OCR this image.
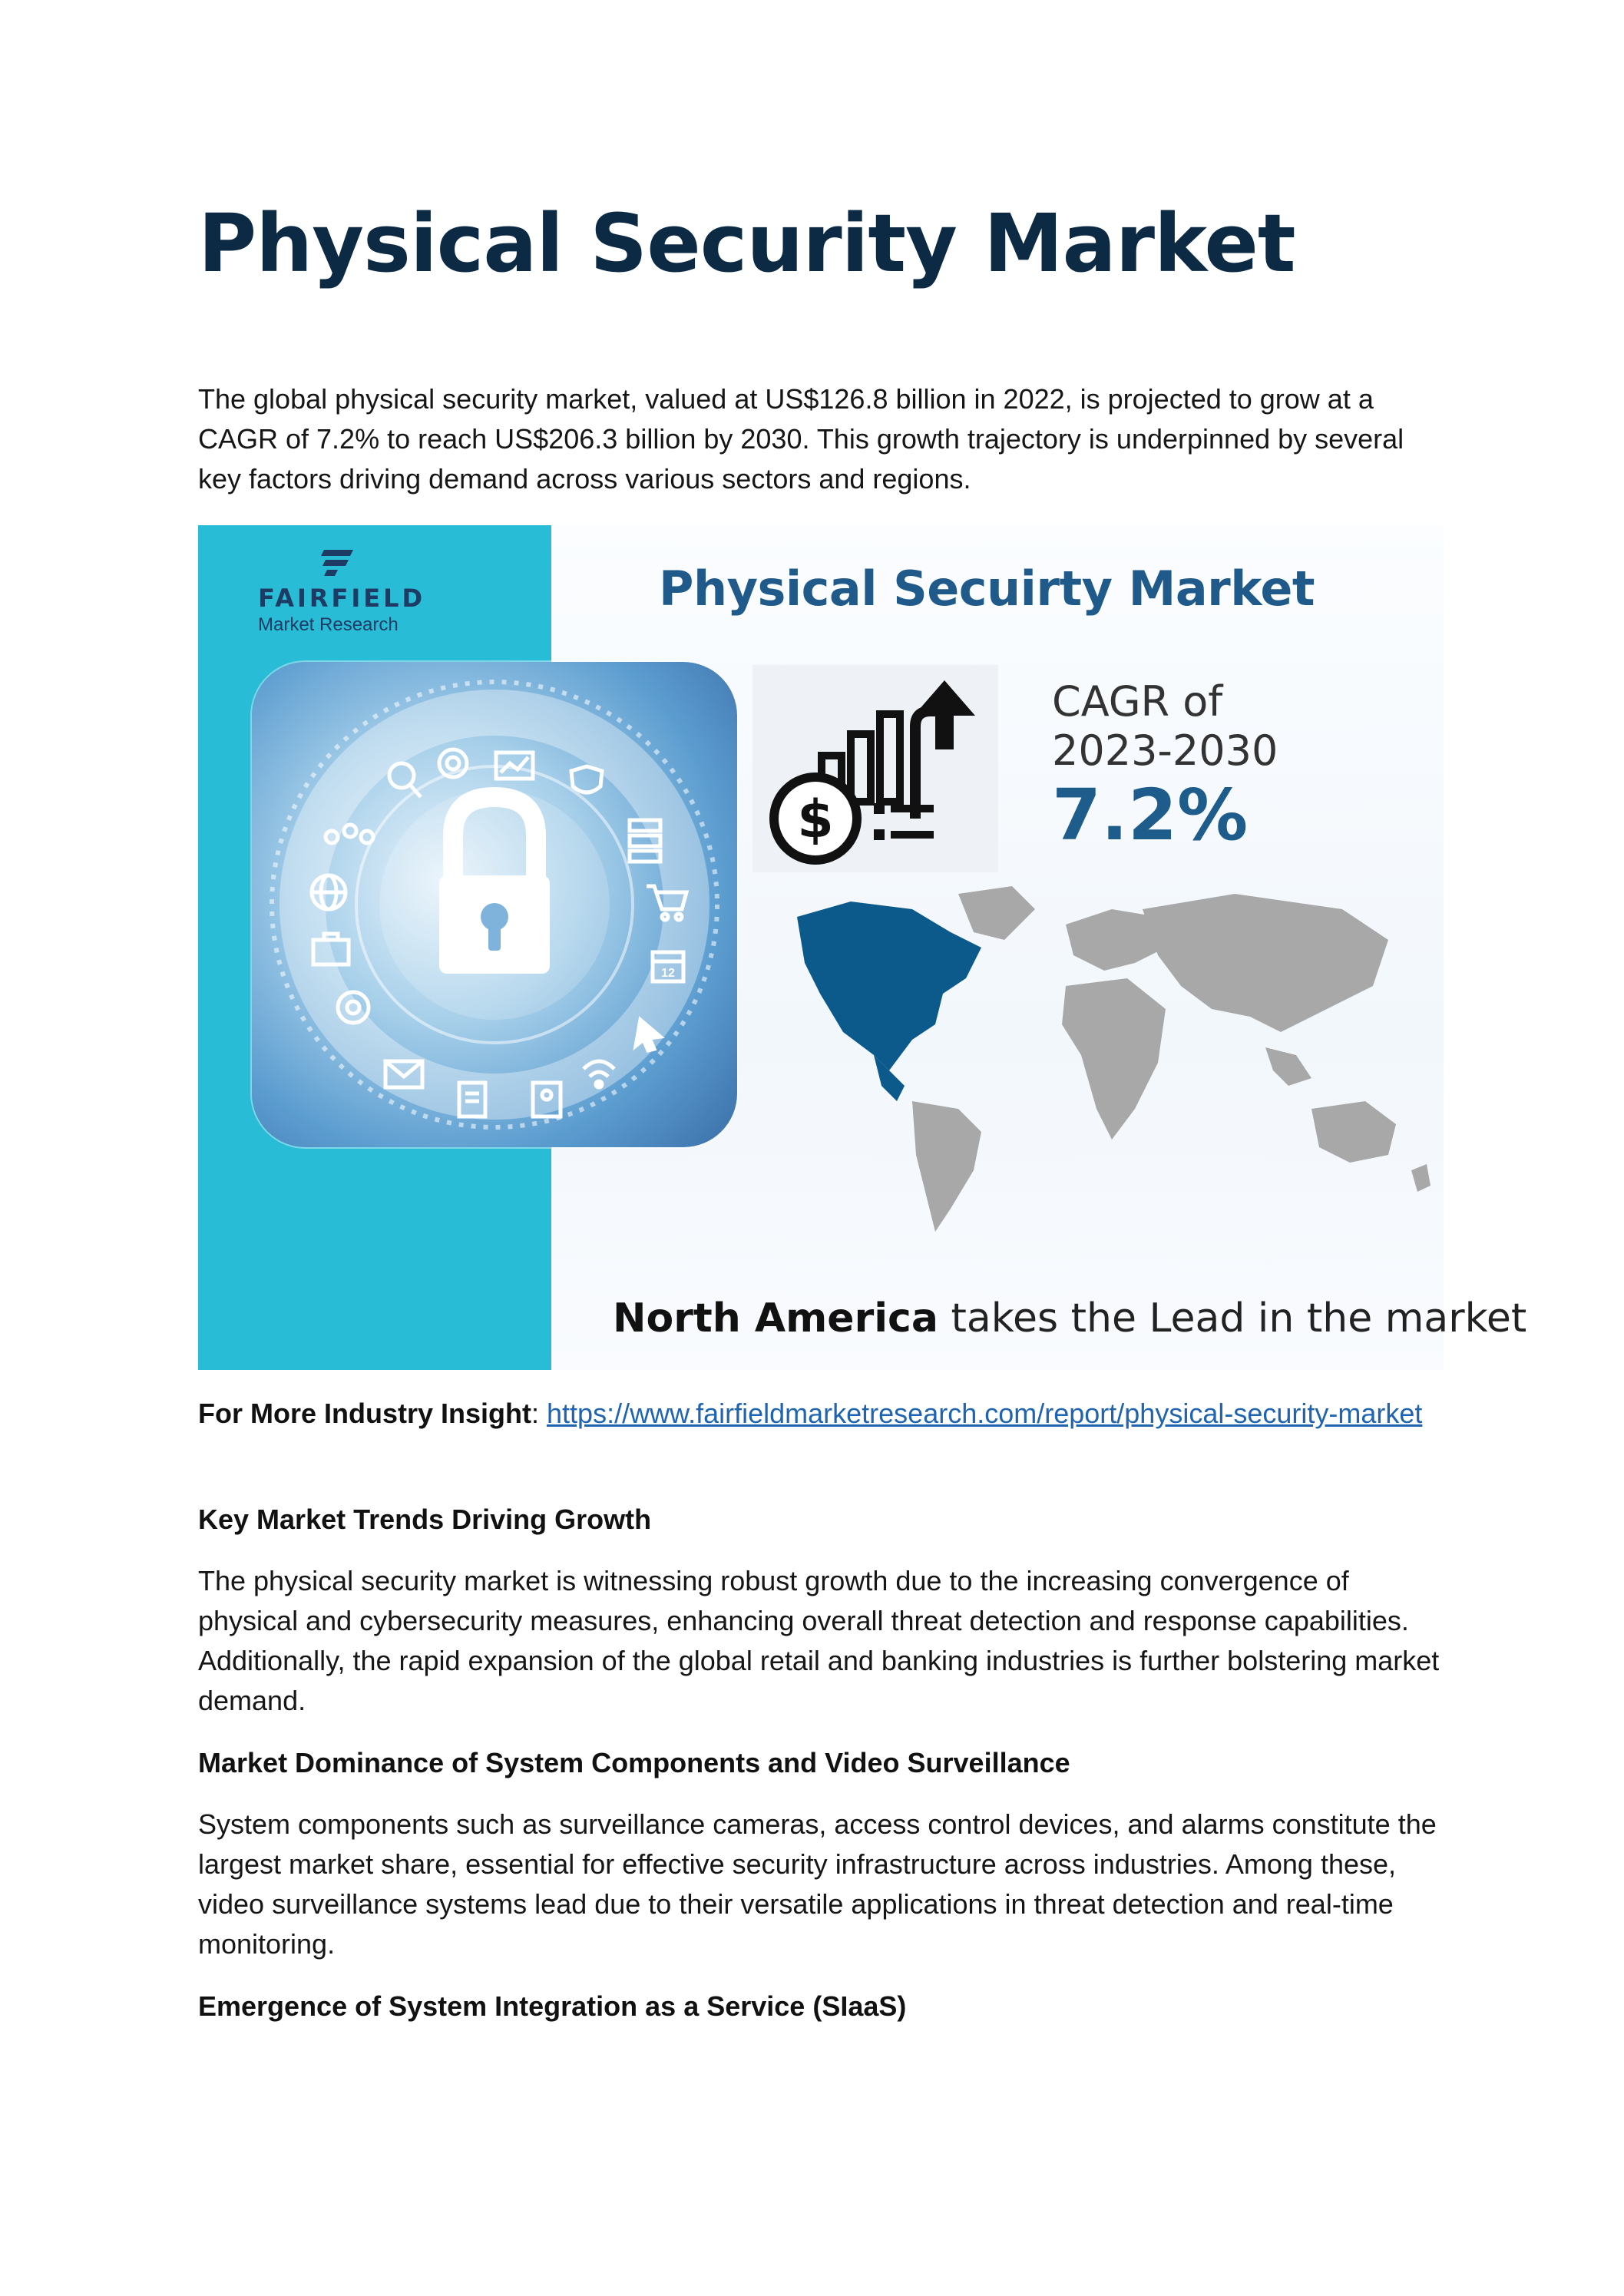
Physical Security Market

The global physical security market, valued at US$126.8 billion in 2022, is projected to grow at a CAGR of 7.2% to reach US$206.3 billion by 2030. This growth trajectory is underpinned by several key factors driving demand across various sectors and regions.

FAIRFIELD
Market Research
12
Physical Secuirty Market
$
CAGR of
2023-2030
7.2%
North America takes the Lead in the market

For More Industry Insight: https://www.fairfieldmarketresearch.com/report/physical-security-market

Key Market Trends Driving Growth

The physical security market is witnessing robust growth due to the increasing convergence of physical and cybersecurity measures, enhancing overall threat detection and response capabilities. Additionally, the rapid expansion of the global retail and banking industries is further bolstering market demand.

Market Dominance of System Components and Video Surveillance

System components such as surveillance cameras, access control devices, and alarms constitute the largest market share, essential for effective security infrastructure across industries. Among these, video surveillance systems lead due to their versatile applications in threat detection and real-time monitoring.

Emergence of System Integration as a Service (SIaaS)
